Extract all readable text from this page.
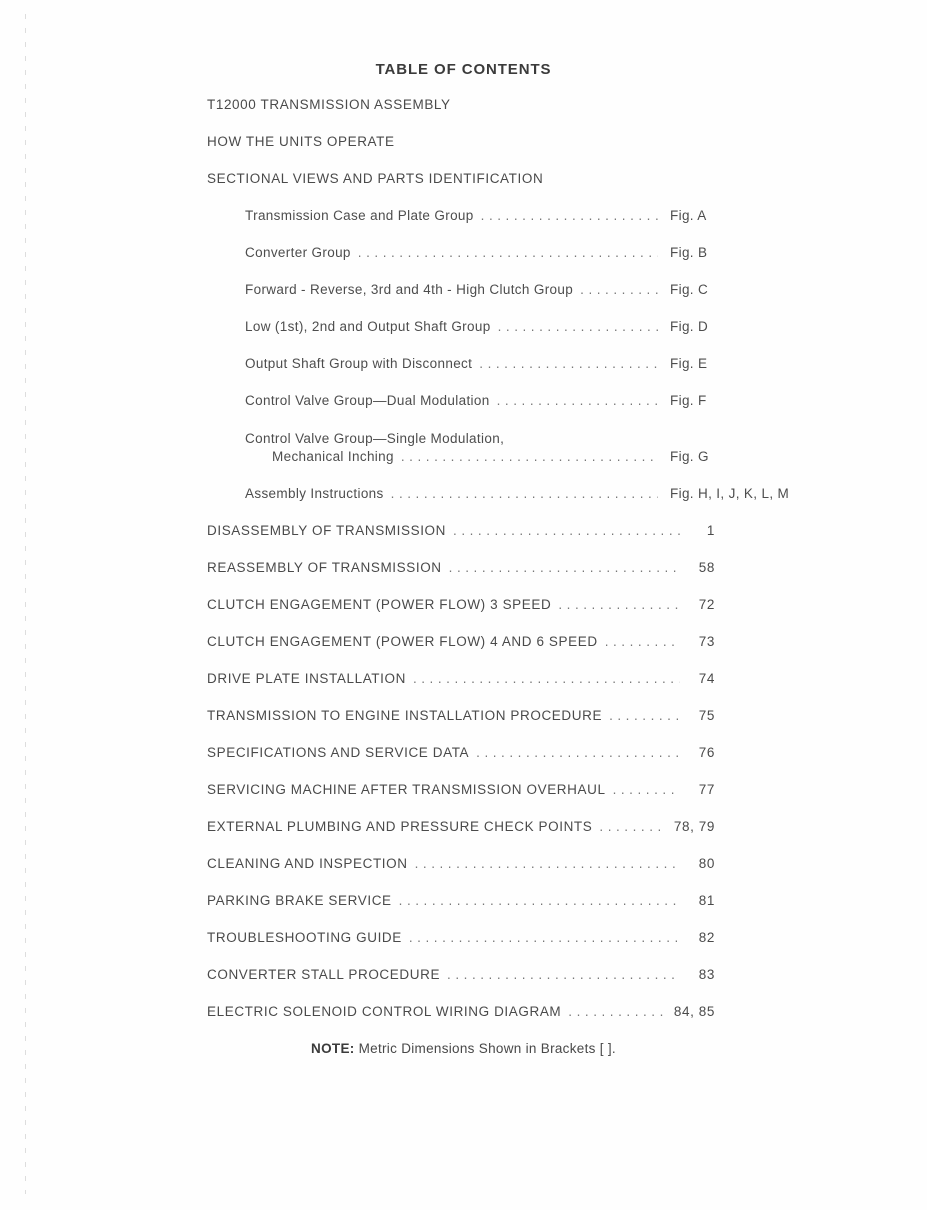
TABLE OF CONTENTS
T12000 TRANSMISSION ASSEMBLY
HOW THE UNITS OPERATE
SECTIONAL VIEWS AND PARTS IDENTIFICATION
Transmission Case and Plate Group . . .	Fig. A
Converter Group . . .	Fig. B
Forward - Reverse, 3rd and 4th - High Clutch Group . . .	Fig. C
Low (1st), 2nd and Output Shaft Group . . .	Fig. D
Output Shaft Group with Disconnect . . .	Fig. E
Control Valve Group—Dual Modulation . . .	Fig. F
Control Valve Group—Single Modulation,
Mechanical Inching . . .	Fig. G
Assembly Instructions . . .	Fig. H, I, J, K, L, M
DISASSEMBLY OF TRANSMISSION . . .	1
REASSEMBLY OF TRANSMISSION . . .	58
CLUTCH ENGAGEMENT (POWER FLOW) 3 SPEED . . .	72
CLUTCH ENGAGEMENT (POWER FLOW) 4 AND 6 SPEED . . .	73
DRIVE PLATE INSTALLATION . . .	74
TRANSMISSION TO ENGINE INSTALLATION PROCEDURE . . .	75
SPECIFICATIONS AND SERVICE DATA . . .	76
SERVICING MACHINE AFTER TRANSMISSION OVERHAUL . . .	77
EXTERNAL PLUMBING AND PRESSURE CHECK POINTS . . .	78, 79
CLEANING AND INSPECTION . . .	80
PARKING BRAKE SERVICE . . .	81
TROUBLESHOOTING GUIDE . . .	82
CONVERTER STALL PROCEDURE . . .	83
ELECTRIC SOLENOID CONTROL WIRING DIAGRAM . . .	84, 85
NOTE: Metric Dimensions Shown in Brackets [ ].
